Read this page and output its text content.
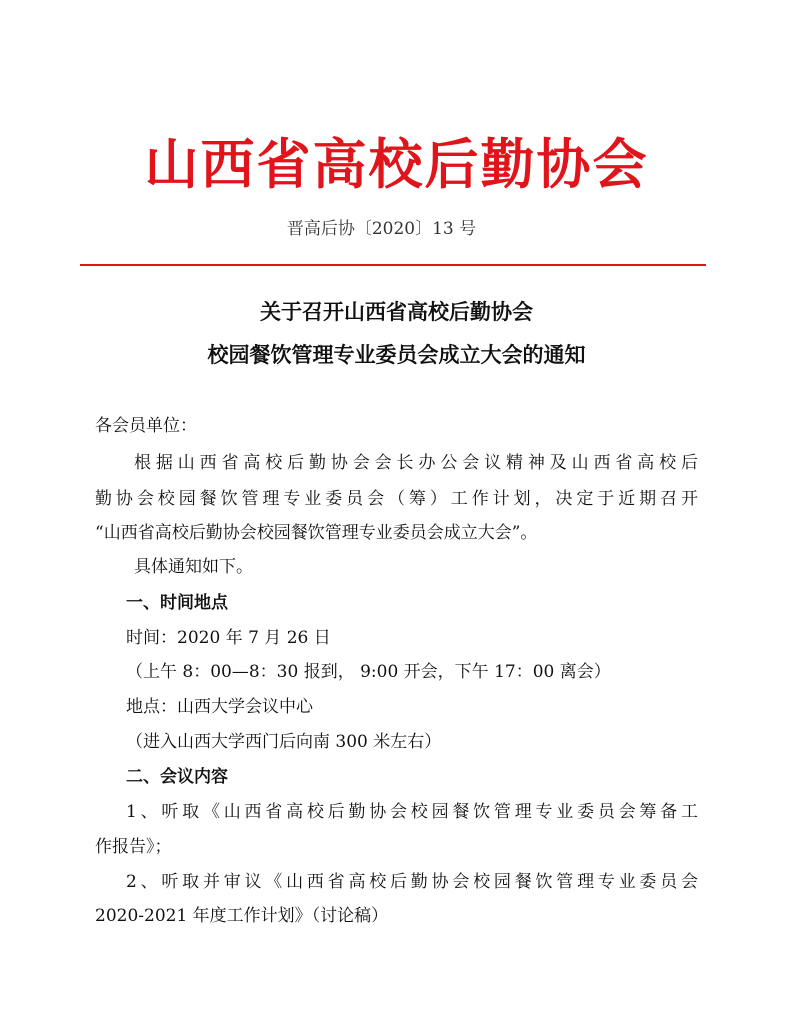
山西省高校后勤协会
晋高后协〔2020〕13 号
关于召开山西省高校后勤协会
校园餐饮管理专业委员会成立大会的通知
各会员单位：
根据山西省高校后勤协会会长办公会议精神及山西省高校后
勤协会校园餐饮管理专业委员会（筹）工作计划，决定于近期召开
“山西省高校后勤协会校园餐饮管理专业委员会成立大会”。
具体通知如下。
一、时间地点
时间：2020 年 7 月 26 日
（上午 8：00—8：30 报到， 9:00 开会，下午 17：00 离会）
地点：山西大学会议中心
（进入山西大学西门后向南 300 米左右）
二、会议内容
1、听取《山西省高校后勤协会校园餐饮管理专业委员会筹备工
作报告》；
2、听取并审议《山西省高校后勤协会校园餐饮管理专业委员会
2020-2021 年度工作计划》（讨论稿）
